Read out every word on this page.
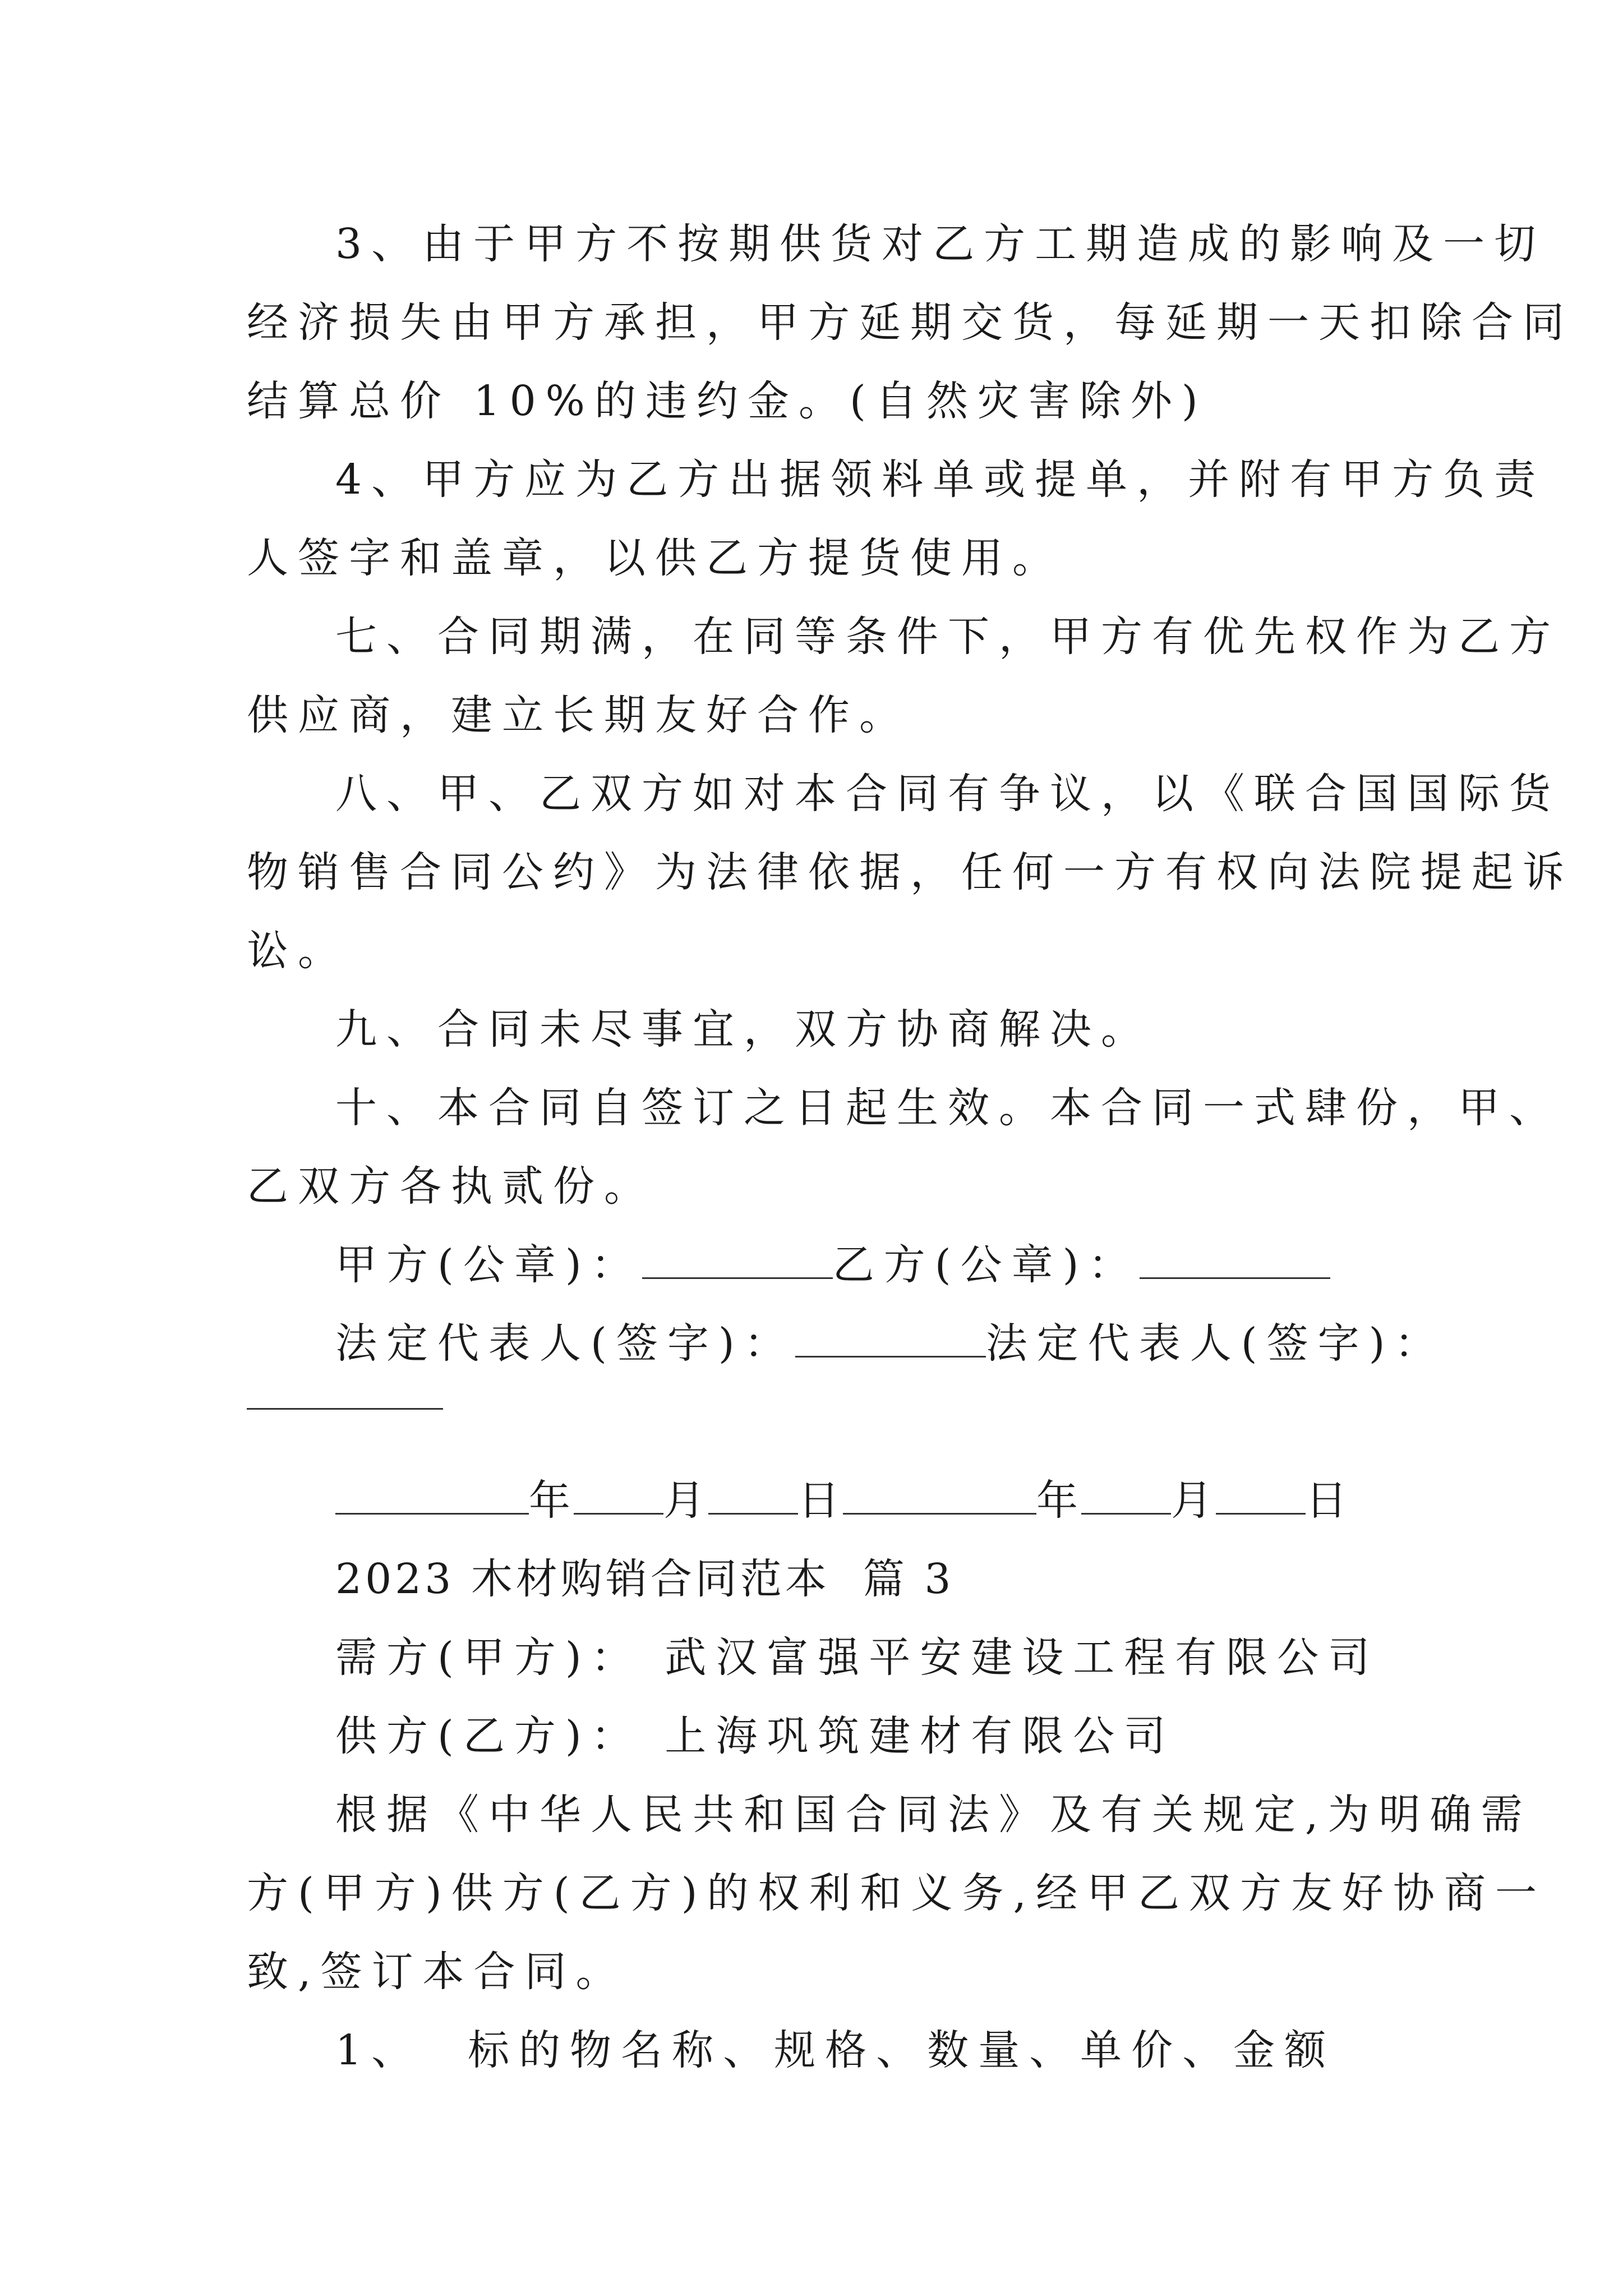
3、由于甲方不按期供货对乙方工期造成的影响及一切
经济损失由甲方承担，甲方延期交货，每延期一天扣除合同
结算总价 10%的违约金。(自然灾害除外)
4、甲方应为乙方出据领料单或提单，并附有甲方负责
人签字和盖章，以供乙方提货使用。
七、合同期满，在同等条件下，甲方有优先权作为乙方
供应商，建立长期友好合作。
八、甲、乙双方如对本合同有争议，以《联合国国际货
物销售合同公约》为法律依据，任何一方有权向法院提起诉
讼。
九、合同未尽事宜，双方协商解决。
十、本合同自签订之日起生效。本合同一式肆份，甲、
乙双方各执贰份。
甲方(公章)：	乙方(公章)：
法定代表人(签字)：	法定代表人(签字)：
年 月 日	年 月 日
2023 木材购销合同范本  篇 3
需方(甲方)： 武汉富强平安建设工程有限公司
供方(乙方)： 上海巩筑建材有限公司
根据《中华人民共和国合同法》及有关规定,为明确需
方(甲方)供方(乙方)的权利和义务,经甲乙双方友好协商一
致,签订本合同。
1、  标的物名称、规格、数量、单价、金额
